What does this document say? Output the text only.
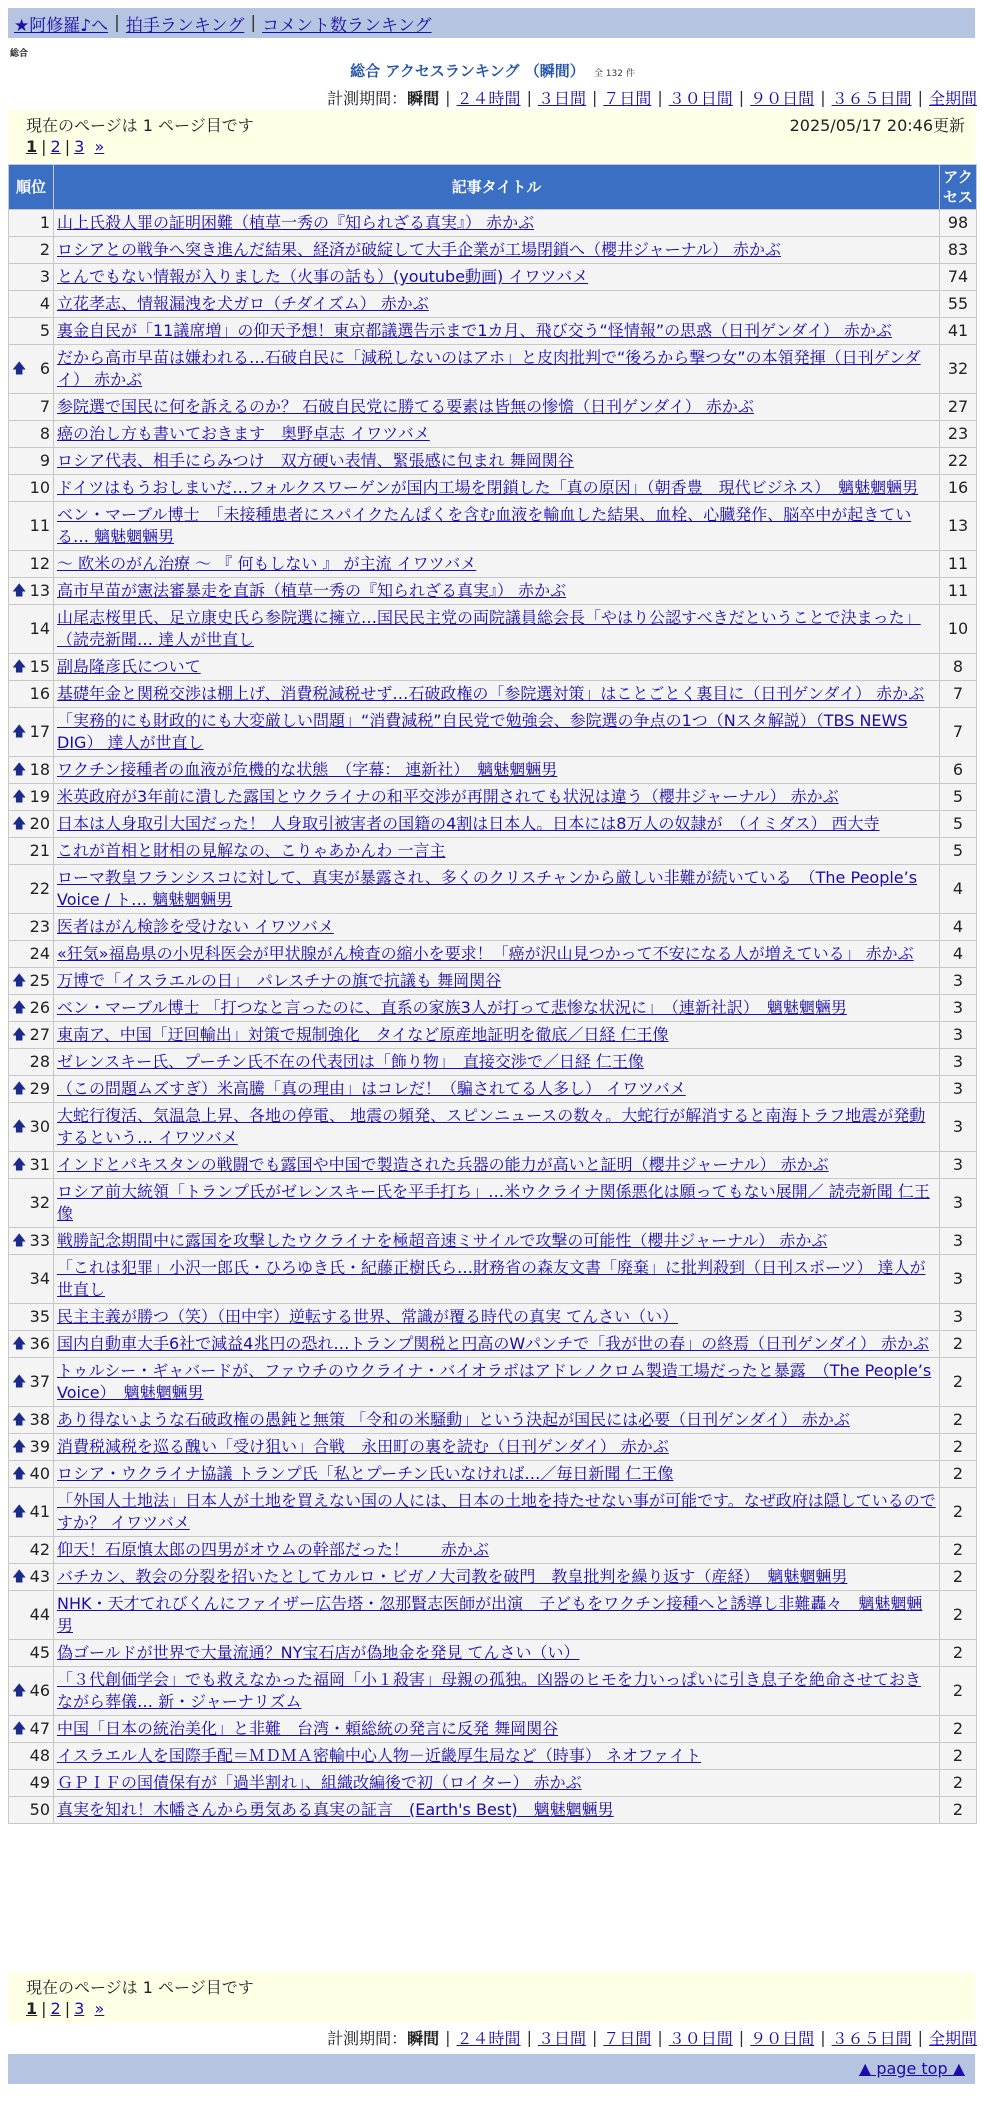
★阿修羅♪へ | 拍手ランキング | コメント数ランキング
総合
総合 アクセスランキング （瞬間） 全 132 件
計測期間： 瞬間 | ２４時間 | ３日間 | ７日間 | ３０日間 | ９０日間 | ３６５日間 | 全期間
現在のページは 1 ページ目です	2025/05/17 20:46更新
1 | 2 | 3 »
順位	記事タイトル	アクセス
1	山上氏殺人罪の証明困難（植草一秀の『知られざる真実』） 赤かぶ	98
2	ロシアとの戦争へ突き進んだ結果、経済が破綻して大手企業が工場閉鎖へ（櫻井ジャーナル） 赤かぶ	83
3	とんでもない情報が入りました（火事の話も）(youtube動画) イワツバメ	74
4	立花孝志、情報漏洩を犬ガロ（チダイズム） 赤かぶ	55
5	裏金自民が「11議席増」の仰天予想！東京都議選告示まで1カ月、飛び交う“怪情報”の思惑（日刊ゲンダイ） 赤かぶ	41

🡅 6	だから高市早苗は嫌われる…石破自民に「減税しないのはアホ」と皮肉批判で“後ろから撃つ女”の本領発揮（日刊ゲンダイ） 赤かぶ	32
7	参院選で国民に何を訴えるのか？ 石破自民党に勝てる要素は皆無の惨憺（日刊ゲンダイ） 赤かぶ	27
8	癌の治し方も書いておきます　奥野卓志 イワツバメ	23
9	ロシア代表、相手にらみつけ　双方硬い表情、緊張感に包まれ 舞岡関谷	22
10	ドイツはもうおしまいだ…フォルクスワーゲンが国内工場を閉鎖した「真の原因」（朝香豊　現代ビジネス）　魑魅魍魎男	16
11	ベン・マーブル博士　「未接種患者にスパイクたんぱくを含む血液を輸血した結果、血栓、心臓発作、脳卒中が起きている… 魑魅魍魎男	13
12	～ 欧米のがん治療 ～ 『 何もしない 』 が主流 イワツバメ	11

🡅 13	高市早苗が憲法審暴走を直訴（植草一秀の『知られざる真実』） 赤かぶ	11
14	山尾志桜里氏、足立康史氏ら参院選に擁立…国民民主党の両院議員総会長「やはり公認すべきだということで決まった」（読売新聞… 達人が世直し	10

🡅 15	副島隆彦氏について	8
16	基礎年金と関税交渉は棚上げ、消費税減税せず…石破政権の「参院選対策」はことごとく裏目に（日刊ゲンダイ） 赤かぶ	7

🡅 17	「実務的にも財政的にも大変厳しい問題」“消費減税”自民党で勉強会、参院選の争点の1つ（Nスタ解説）（TBS NEWS DIG） 達人が世直し	7

🡅 18	ワクチン接種者の血液が危機的な状態　（字幕： 連新社）　魑魅魍魎男	6

🡅 19	米英政府が3年前に潰した露国とウクライナの和平交渉が再開されても状況は違う（櫻井ジャーナル） 赤かぶ	5

🡅 20	日本は人身取引大国だった！ 人身取引被害者の国籍の4割は日本人。日本には8万人の奴隷が　（イミダス） 西大寺	5
21	これが首相と財相の見解なの、こりゃあかんわ 一言主	5
22	ローマ教皇フランシスコに対して、真実が暴露され、多くのクリスチャンから厳しい非難が続いている　（The People’s Voice / ト… 魑魅魍魎男	4
23	医者はがん検診を受けない イワツバメ	4
24	«狂気»福島県の小児科医会が甲状腺がん検査の縮小を要求！「癌が沢山見つかって不安になる人が増えている」 赤かぶ	4

🡅 25	万博で「イスラエルの日」　パレスチナの旗で抗議も 舞岡関谷	3

🡅 26	ベン・マーブル博士 「打つなと言ったのに、直系の家族3人が打って悲惨な状況に」　（連新社訳）　魑魅魍魎男	3

🡅 27	東南ア、中国「迂回輸出」対策で規制強化　タイなど原産地証明を徹底／日経 仁王像	3
28	ゼレンスキー氏、プーチン氏不在の代表団は「飾り物」　直接交渉で／日経 仁王像	3

🡅 29	（この問題ムズすぎ）米高騰「真の理由」はコレだ！（騙されてる人多し） イワツバメ	3

🡅 30	大蛇行復活、気温急上昇、各地の停電、 地震の頻発、スピンニュースの数々。大蛇行が解消すると南海トラフ地震が発動するという… イワツバメ	3

🡅 31	インドとパキスタンの戦闘でも露国や中国で製造された兵器の能力が高いと証明（櫻井ジャーナル） 赤かぶ	3
32	ロシア前大統領「トランプ氏がゼレンスキー氏を平手打ち」…米ウクライナ関係悪化は願ってもない展開／ 読売新聞 仁王像	3

🡅 33	戦勝記念期間中に露国を攻撃したウクライナを極超音速ミサイルで攻撃の可能性（櫻井ジャーナル） 赤かぶ	3
34	「これは犯罪」小沢一郎氏・ひろゆき氏・紀藤正樹氏ら…財務省の森友文書「廃棄」に批判殺到（日刊スポーツ） 達人が世直し	3
35	民主主義が勝つ（笑）（田中宇）逆転する世界、常識が覆る時代の真実 てんさい（い）	3

🡅 36	国内自動車大手6社で減益4兆円の恐れ…トランプ関税と円高のWパンチで「我が世の春」の終焉（日刊ゲンダイ） 赤かぶ	2

🡅 37	トゥルシー・ギャバードが、ファウチのウクライナ・バイオラボはアドレノクロム製造工場だったと暴露　（The People’s Voice）　魑魅魍魎男	2

🡅 38	あり得ないような石破政権の愚鈍と無策 「令和の米騒動」という決起が国民には必要（日刊ゲンダイ） 赤かぶ	2

🡅 39	消費税減税を巡る醜い「受け狙い」合戦　永田町の裏を読む（日刊ゲンダイ） 赤かぶ	2

🡅 40	ロシア・ウクライナ協議 トランプ氏「私とプーチン氏いなければ…／毎日新聞 仁王像	2

🡅 41	「外国人土地法」日本人が土地を買えない国の人には、日本の土地を持たせない事が可能です。なぜ政府は隠しているのですか？ イワツバメ	2
42	仰天！石原慎太郎の四男がオウムの幹部だった！　　赤かぶ	2

🡅 43	バチカン、教会の分裂を招いたとしてカルロ・ビガノ大司教を破門　教皇批判を繰り返す（産経）　魑魅魍魎男	2
44	NHK・天才てれびくんにファイザー広告塔・忽那賢志医師が出演　子どもをワクチン接種へと誘導し非難轟々　魑魅魍魎男	2
45	偽ゴールドが世界で大量流通？NY宝石店が偽地金を発見 てんさい（い）	2

🡅 46	「３代創価学会」でも救えなかった福岡「小１殺害」母親の孤独。凶器のヒモを力いっぱいに引き息子を絶命させておきながら葬儀… 新・ジャーナリズム	2

🡅 47	中国「日本の統治美化」と非難　台湾・頼総統の発言に反発 舞岡関谷	2
48	イスラエル人を国際手配＝ＭＤＭＡ密輸中心人物－近畿厚生局など（時事） ネオファイト	2
49	ＧＰＩＦの国債保有が「過半割れ」、組織改編後で初（ロイター） 赤かぶ	2
50	真実を知れ！木幡さんから勇気ある真実の証言　(Earth's Best)　魑魅魍魎男	2
現在のページは 1 ページ目です
1 | 2 | 3 »
計測期間： 瞬間 | ２４時間 | ３日間 | ７日間 | ３０日間 | ９０日間 | ３６５日間 | 全期間
▲ page top ▲
